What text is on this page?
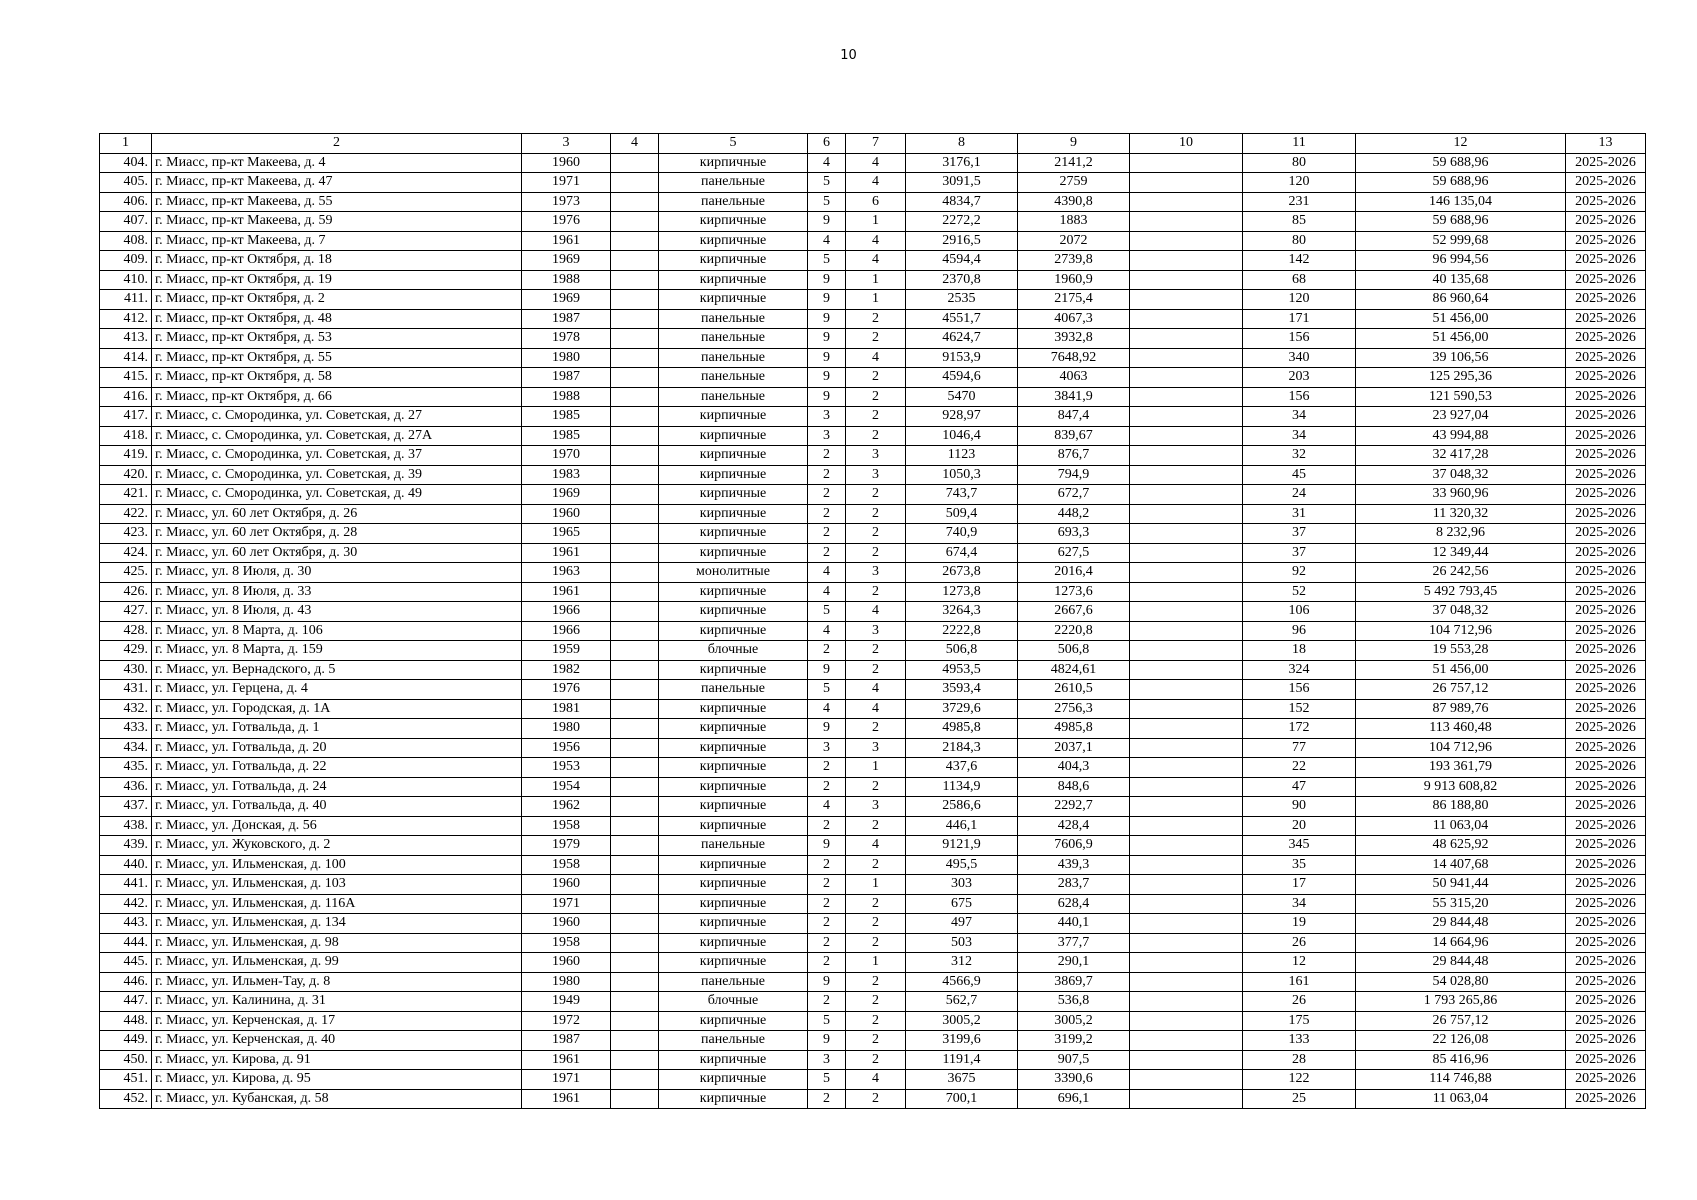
10
1	2	3	4	5	6	7	8	9	10	11	12	13
404.	г. Миасс, пр-кт Макеева, д. 4	1960		кирпичные	4	4	3176,1	2141,2		80	59 688,96	2025-2026
405.	г. Миасс, пр-кт Макеева, д. 47	1971		панельные	5	4	3091,5	2759		120	59 688,96	2025-2026
406.	г. Миасс, пр-кт Макеева, д. 55	1973		панельные	5	6	4834,7	4390,8		231	146 135,04	2025-2026
407.	г. Миасс, пр-кт Макеева, д. 59	1976		кирпичные	9	1	2272,2	1883		85	59 688,96	2025-2026
408.	г. Миасс, пр-кт Макеева, д. 7	1961		кирпичные	4	4	2916,5	2072		80	52 999,68	2025-2026
409.	г. Миасс, пр-кт Октября, д. 18	1969		кирпичные	5	4	4594,4	2739,8		142	96 994,56	2025-2026
410.	г. Миасс, пр-кт Октября, д. 19	1988		кирпичные	9	1	2370,8	1960,9		68	40 135,68	2025-2026
411.	г. Миасс, пр-кт Октября, д. 2	1969		кирпичные	9	1	2535	2175,4		120	86 960,64	2025-2026
412.	г. Миасс, пр-кт Октября, д. 48	1987		панельные	9	2	4551,7	4067,3		171	51 456,00	2025-2026
413.	г. Миасс, пр-кт Октября, д. 53	1978		панельные	9	2	4624,7	3932,8		156	51 456,00	2025-2026
414.	г. Миасс, пр-кт Октября, д. 55	1980		панельные	9	4	9153,9	7648,92		340	39 106,56	2025-2026
415.	г. Миасс, пр-кт Октября, д. 58	1987		панельные	9	2	4594,6	4063		203	125 295,36	2025-2026
416.	г. Миасс, пр-кт Октября, д. 66	1988		панельные	9	2	5470	3841,9		156	121 590,53	2025-2026
417.	г. Миасс, с. Смородинка, ул. Советская, д. 27	1985		кирпичные	3	2	928,97	847,4		34	23 927,04	2025-2026
418.	г. Миасс, с. Смородинка, ул. Советская, д. 27А	1985		кирпичные	3	2	1046,4	839,67		34	43 994,88	2025-2026
419.	г. Миасс, с. Смородинка, ул. Советская, д. 37	1970		кирпичные	2	3	1123	876,7		32	32 417,28	2025-2026
420.	г. Миасс, с. Смородинка, ул. Советская, д. 39	1983		кирпичные	2	3	1050,3	794,9		45	37 048,32	2025-2026
421.	г. Миасс, с. Смородинка, ул. Советская, д. 49	1969		кирпичные	2	2	743,7	672,7		24	33 960,96	2025-2026
422.	г. Миасс, ул. 60 лет Октября, д. 26	1960		кирпичные	2	2	509,4	448,2		31	11 320,32	2025-2026
423.	г. Миасс, ул. 60 лет Октября, д. 28	1965		кирпичные	2	2	740,9	693,3		37	8 232,96	2025-2026
424.	г. Миасс, ул. 60 лет Октября, д. 30	1961		кирпичные	2	2	674,4	627,5		37	12 349,44	2025-2026
425.	г. Миасс, ул. 8 Июля, д. 30	1963		монолитные	4	3	2673,8	2016,4		92	26 242,56	2025-2026
426.	г. Миасс, ул. 8 Июля, д. 33	1961		кирпичные	4	2	1273,8	1273,6		52	5 492 793,45	2025-2026
427.	г. Миасс, ул. 8 Июля, д. 43	1966		кирпичные	5	4	3264,3	2667,6		106	37 048,32	2025-2026
428.	г. Миасс, ул. 8 Марта, д. 106	1966		кирпичные	4	3	2222,8	2220,8		96	104 712,96	2025-2026
429.	г. Миасс, ул. 8 Марта, д. 159	1959		блочные	2	2	506,8	506,8		18	19 553,28	2025-2026
430.	г. Миасс, ул. Вернадского, д. 5	1982		кирпичные	9	2	4953,5	4824,61		324	51 456,00	2025-2026
431.	г. Миасс, ул. Герцена, д. 4	1976		панельные	5	4	3593,4	2610,5		156	26 757,12	2025-2026
432.	г. Миасс, ул. Городская, д. 1А	1981		кирпичные	4	4	3729,6	2756,3		152	87 989,76	2025-2026
433.	г. Миасс, ул. Готвальда, д. 1	1980		кирпичные	9	2	4985,8	4985,8		172	113 460,48	2025-2026
434.	г. Миасс, ул. Готвальда, д. 20	1956		кирпичные	3	3	2184,3	2037,1		77	104 712,96	2025-2026
435.	г. Миасс, ул. Готвальда, д. 22	1953		кирпичные	2	1	437,6	404,3		22	193 361,79	2025-2026
436.	г. Миасс, ул. Готвальда, д. 24	1954		кирпичные	2	2	1134,9	848,6		47	9 913 608,82	2025-2026
437.	г. Миасс, ул. Готвальда, д. 40	1962		кирпичные	4	3	2586,6	2292,7		90	86 188,80	2025-2026
438.	г. Миасс, ул. Донская, д. 56	1958		кирпичные	2	2	446,1	428,4		20	11 063,04	2025-2026
439.	г. Миасс, ул. Жуковского, д. 2	1979		панельные	9	4	9121,9	7606,9		345	48 625,92	2025-2026
440.	г. Миасс, ул. Ильменская, д. 100	1958		кирпичные	2	2	495,5	439,3		35	14 407,68	2025-2026
441.	г. Миасс, ул. Ильменская, д. 103	1960		кирпичные	2	1	303	283,7		17	50 941,44	2025-2026
442.	г. Миасс, ул. Ильменская, д. 116А	1971		кирпичные	2	2	675	628,4		34	55 315,20	2025-2026
443.	г. Миасс, ул. Ильменская, д. 134	1960		кирпичные	2	2	497	440,1		19	29 844,48	2025-2026
444.	г. Миасс, ул. Ильменская, д. 98	1958		кирпичные	2	2	503	377,7		26	14 664,96	2025-2026
445.	г. Миасс, ул. Ильменская, д. 99	1960		кирпичные	2	1	312	290,1		12	29 844,48	2025-2026
446.	г. Миасс, ул. Ильмен-Тау, д. 8	1980		панельные	9	2	4566,9	3869,7		161	54 028,80	2025-2026
447.	г. Миасс, ул. Калинина, д. 31	1949		блочные	2	2	562,7	536,8		26	1 793 265,86	2025-2026
448.	г. Миасс, ул. Керченская, д. 17	1972		кирпичные	5	2	3005,2	3005,2		175	26 757,12	2025-2026
449.	г. Миасс, ул. Керченская, д. 40	1987		панельные	9	2	3199,6	3199,2		133	22 126,08	2025-2026
450.	г. Миасс, ул. Кирова, д. 91	1961		кирпичные	3	2	1191,4	907,5		28	85 416,96	2025-2026
451.	г. Миасс, ул. Кирова, д. 95	1971		кирпичные	5	4	3675	3390,6		122	114 746,88	2025-2026
452.	г. Миасс, ул. Кубанская, д. 58	1961		кирпичные	2	2	700,1	696,1		25	11 063,04	2025-2026
